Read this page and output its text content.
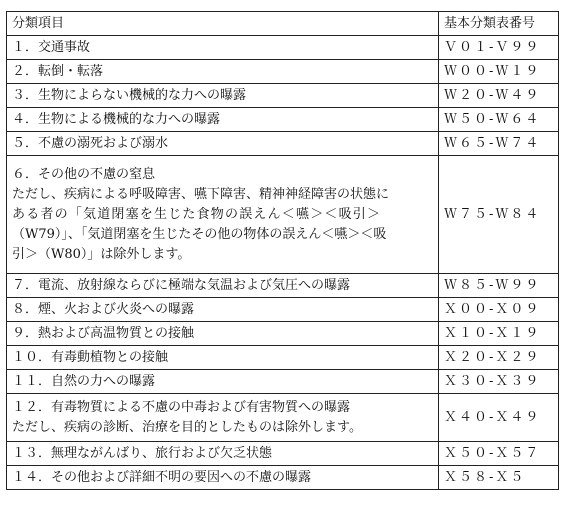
分類項目	基本分類表番号
１．交通事故	Ｖ０１-Ｖ９９
２．転倒・転落	Ｗ００-Ｗ１９
３．生物によらない機械的な力への曝露	Ｗ２０-Ｗ４９
４．生物による機械的な力への曝露	Ｗ５０-Ｗ６４
５．不慮の溺死および溺水	Ｗ６５-Ｗ７４

６．その他の不慮の窒息
ただし、疾病による呼吸障害、嚥下障害、精神神経障害の状態に
ある者の「気道閉塞を生じた食物の誤えん＜嚥＞＜吸引＞
（W79）」、「気道閉塞を生じたその他の物体の誤えん＜嚥＞＜吸
引＞（W80）」は除外します。	Ｗ７５-Ｗ８４
７．電流、放射線ならびに極端な気温および気圧への曝露	Ｗ８５-Ｗ９９
８．煙、火および火炎への曝露	Ｘ００-Ｘ０９
９．熱および高温物質との接触	Ｘ１０-Ｘ１９
１０．有毒動植物との接触	Ｘ２０-Ｘ２９
１１．自然の力への曝露	Ｘ３０-Ｘ３９

１２．有毒物質による不慮の中毒および有害物質への曝露
ただし、疾病の診断、治療を目的としたものは除外します。	Ｘ４０-Ｘ４９
１３．無理ながんばり、旅行および欠乏状態	Ｘ５０-Ｘ５７
１４．その他および詳細不明の要因への不慮の曝露	Ｘ５８-Ｘ５
